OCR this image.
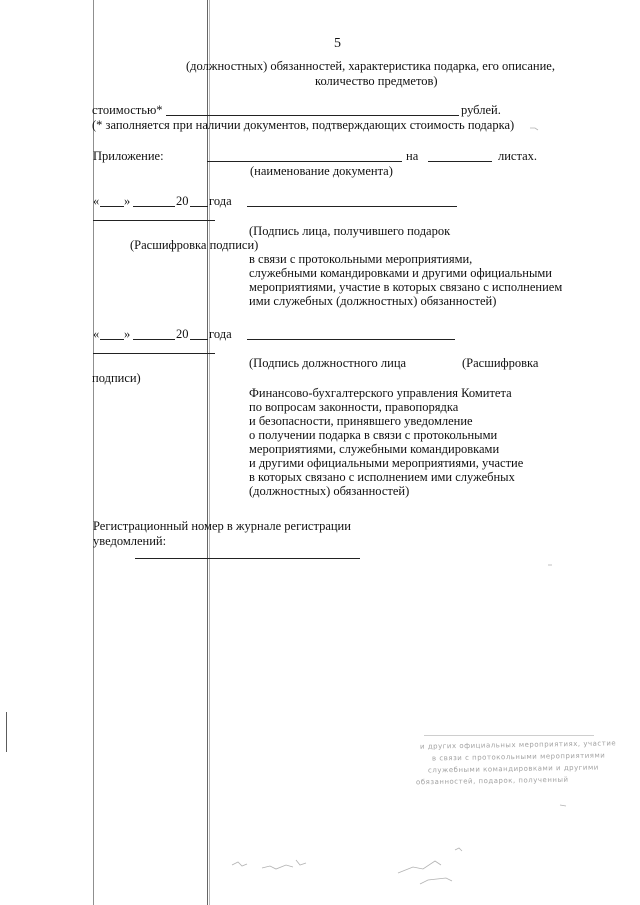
5
(должностных) обязанностей, характеристика подарка, его описание,
количество предметов)
стоимостью*	рублей.
(* заполняется при наличии документов, подтверждающих стоимость подарка)
Приложение:	на	листах.
(наименование документа)
« »	20 года
(Подпись лица, получившего подарок
(Расшифровка подписи)
в связи с протокольными мероприятиями,
служебными командировками и другими официальными
мероприятиями, участие в которых связано с исполнением
ими служебных (должностных) обязанностей)
« »	20 года
(Подпись должностного лица	(Расшифровка
подписи)
Финансово-бухгалтерского управления Комитета
по вопросам законности, правопорядка
и безопасности, принявшего уведомление
о получении подарка в связи с протокольными
мероприятиями, служебными командировками
и другими официальными мероприятиями, участие
в которых связано с исполнением ими служебных
(должностных) обязанностей)
Регистрационный номер в журнале регистрации
уведомлений:
и других официальных мероприятиях, участие
в связи с протокольными мероприятиями
служебными командировками и другими
обязанностей, подарок, полученный
